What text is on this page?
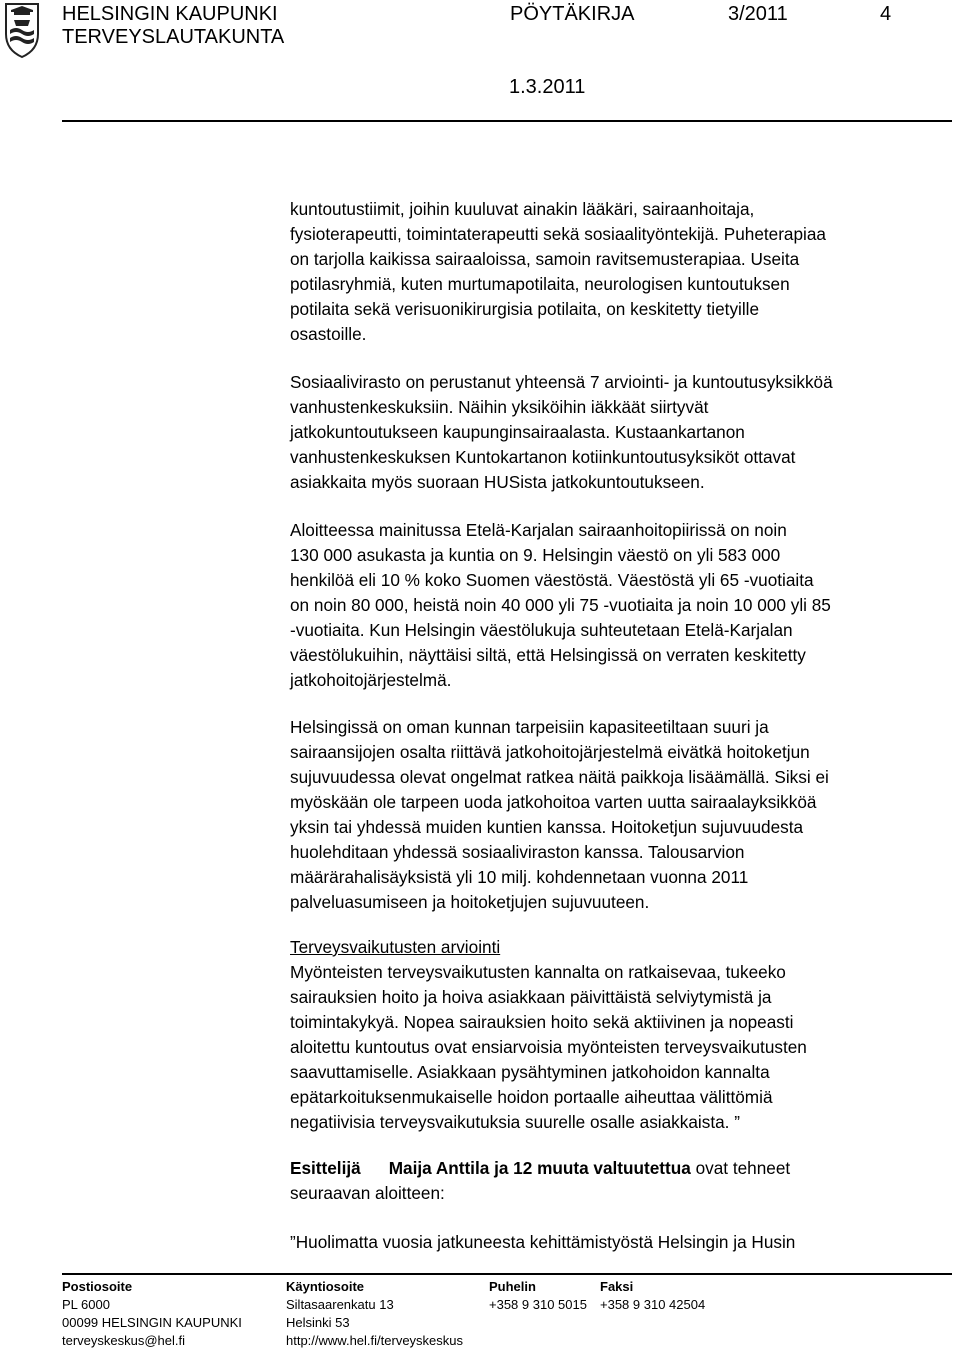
HELSINGIN KAUPUNKI
TERVEYSLAUTAKUNTA
PÖYTÄKIRJA	3/2011	4
1.3.2011
kuntoutustiimit, joihin kuuluvat ainakin lääkäri, sairaanhoitaja,
fysioterapeutti, toimintaterapeutti sekä sosiaalityöntekijä. Puheterapiaa
on tarjolla kaikissa sairaaloissa, samoin ravitsemusterapiaa. Useita
potilasryhmiä, kuten murtumapotilaita, neurologisen kuntoutuksen
potilaita sekä verisuonikirurgisia potilaita, on keskitetty tietyille
osastoille.
Sosiaalivirasto on perustanut yhteensä 7 arviointi- ja kuntoutusyksikköä
vanhustenkeskuksiin. Näihin yksiköihin iäkkäät siirtyvät
jatkokuntoutukseen kaupunginsairaalasta. Kustaankartanon
vanhustenkeskuksen Kuntokartanon kotiinkuntoutusyksiköt ottavat
asiakkaita myös suoraan HUSista jatkokuntoutukseen.
Aloitteessa mainitussa Etelä-Karjalan sairaanhoitopiirissä on noin
130 000 asukasta ja kuntia on 9. Helsingin väestö on yli 583 000
henkilöä eli 10 % koko Suomen väestöstä. Väestöstä yli 65 -vuotiaita
on noin 80 000, heistä noin 40 000 yli 75 -vuotiaita ja noin 10 000 yli 85
-vuotiaita. Kun Helsingin väestölukuja suhteutetaan Etelä-Karjalan
väestölukuihin, näyttäisi siltä, että Helsingissä on verraten keskitetty
jatkohoitojärjestelmä.
Helsingissä on oman kunnan tarpeisiin kapasiteetiltaan suuri ja
sairaansijojen osalta riittävä jatkohoitojärjestelmä eivätkä hoitoketjun
sujuvuudessa olevat ongelmat ratkea näitä paikkoja lisäämällä. Siksi ei
myöskään ole tarpeen uoda jatkohoitoa varten uutta sairaalayksikköä
yksin tai yhdessä muiden kuntien kanssa. Hoitoketjun sujuvuudesta
huolehditaan yhdessä sosiaaliviraston kanssa. Talousarvion
määrärahalisäyksistä yli 10 milj. kohdennetaan vuonna 2011
palveluasumiseen ja hoitoketjujen sujuvuuteen.
Terveysvaikutusten arviointi
Myönteisten terveysvaikutusten kannalta on ratkaisevaa, tukeeko
sairauksien hoito ja hoiva asiakkaan päivittäistä selviytymistä ja
toimintakykyä. Nopea sairauksien hoito sekä aktiivinen ja nopeasti
aloitettu kuntoutus ovat ensiarvoisia myönteisten terveysvaikutusten
saavuttamiselle. Asiakkaan pysähtyminen jatkohoidon kannalta
epätarkoituksenmukaiselle hoidon portaalle aiheuttaa välittömiä
negatiivisia terveysvaikutuksia suurelle osalle asiakkaista. ”
Esittelijä Maija Anttila ja 12 muuta valtuutettua ovat tehneet
seuraavan aloitteen:
”Huolimatta vuosia jatkuneesta kehittämistyöstä Helsingin ja Husin
Postiosoite
PL 6000
00099 HELSINGIN KAUPUNKI
terveyskeskus@hel.fi
Käyntiosoite
Siltasaarenkatu 13
Helsinki 53
http://www.hel.fi/terveyskeskus
Puhelin
+358 9 310 5015
Faksi
+358 9 310 42504
